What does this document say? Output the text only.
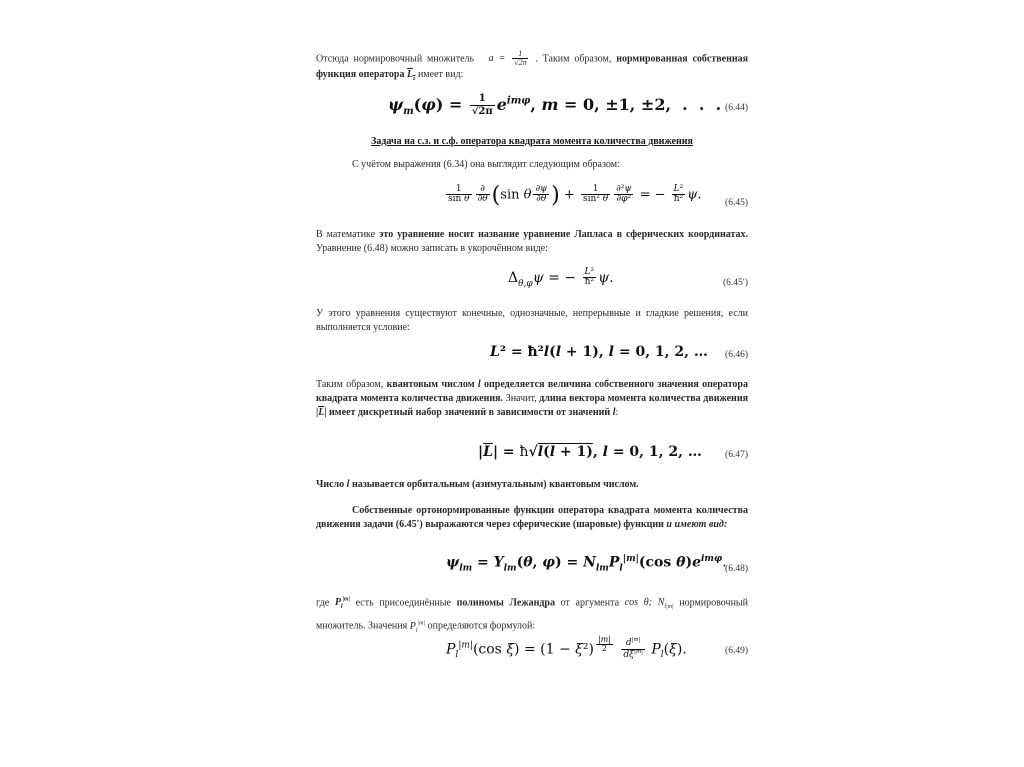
Отсюда нормировочный множитель   $a = \frac{1}{√2\pi}$ . Таким образом, нормированная собственная функция оператора $L_z$ имеет вид:

$\psi_m(\varphi) = \frac{1}{√2\pi} e^{im\varphi}$, m = 0, ±1, ±2,  .  .  . (6.44)
Задача на с.з. и с.ф. оператора квадрата момента количества движения

С учётом выражения (6.34) она выглядит следующим образом:

$\frac{1}{\text{sin θ}} \frac{\partial}{\partial\theta} (\sin$ θ $\frac{\partial\psi}{\partial\theta}$ ) + $\frac{1}{\text{sin² θ}} \frac{\text{∂²ψ}}{\text{∂φ²}}$ = − $\frac{\text{L²}}{\text{ħ²}} \psi$.
(6.45)

В математике это уравнение носит название уравнение Лапласа в сферических координатах. Уравнение (6.48) можно записать в укорочённом виде:

$\Delta_{\theta,\varphi}\psi$ = − $\frac{\text{L²}}{\text{ħ²}} \psi$.	(6.45′)

У этого уравнения существуют конечные, однозначные, непрерывные и гладкие решения, если выполняется условие:

L² = ħ²l(l + 1), l = 0, 1, 2, …	(6.46)

Таким образом, квантовым числом l определяется величина собственного значения оператора квадрата момента количества движения. Значит, длина вектора момента количества движения $|\overline{L}|$ имеет дискретный набор значений в зависимости от значений l:

$|\overline{L}|$ = ħ√l(l + 1), l = 0, 1, 2, …	(6.47)

Число l называется орбитальным (азимутальным) квантовым числом.

Собственные ортонормированные функции оператора квадрата момента количества движения задачи (6.45′) выражаются через сферические (шаровые) функции и имеют вид:

$\psi_{lm} = Y_{lm}(\theta$, $\varphi) = N_{lm}P_l^{|m|}(\cos$ $\theta)e^{im\varphi}$.
(6.48)

где $P_l^{|m|}$ есть присоединённые полиномы Лежандра от аргумента cos θ; $N_{l|m|}$ нормировочный множитель. Значения $P_l^{|m|}$ определяются формулой:

$P_l^{|m|}(\cos$ ξ) = (1 − ξ²) $^{\frac{|m|}{2}}$
$\frac{d^{|m|}}{d\xi^{|m|}} P_l(\xi)$.	(6.49)
